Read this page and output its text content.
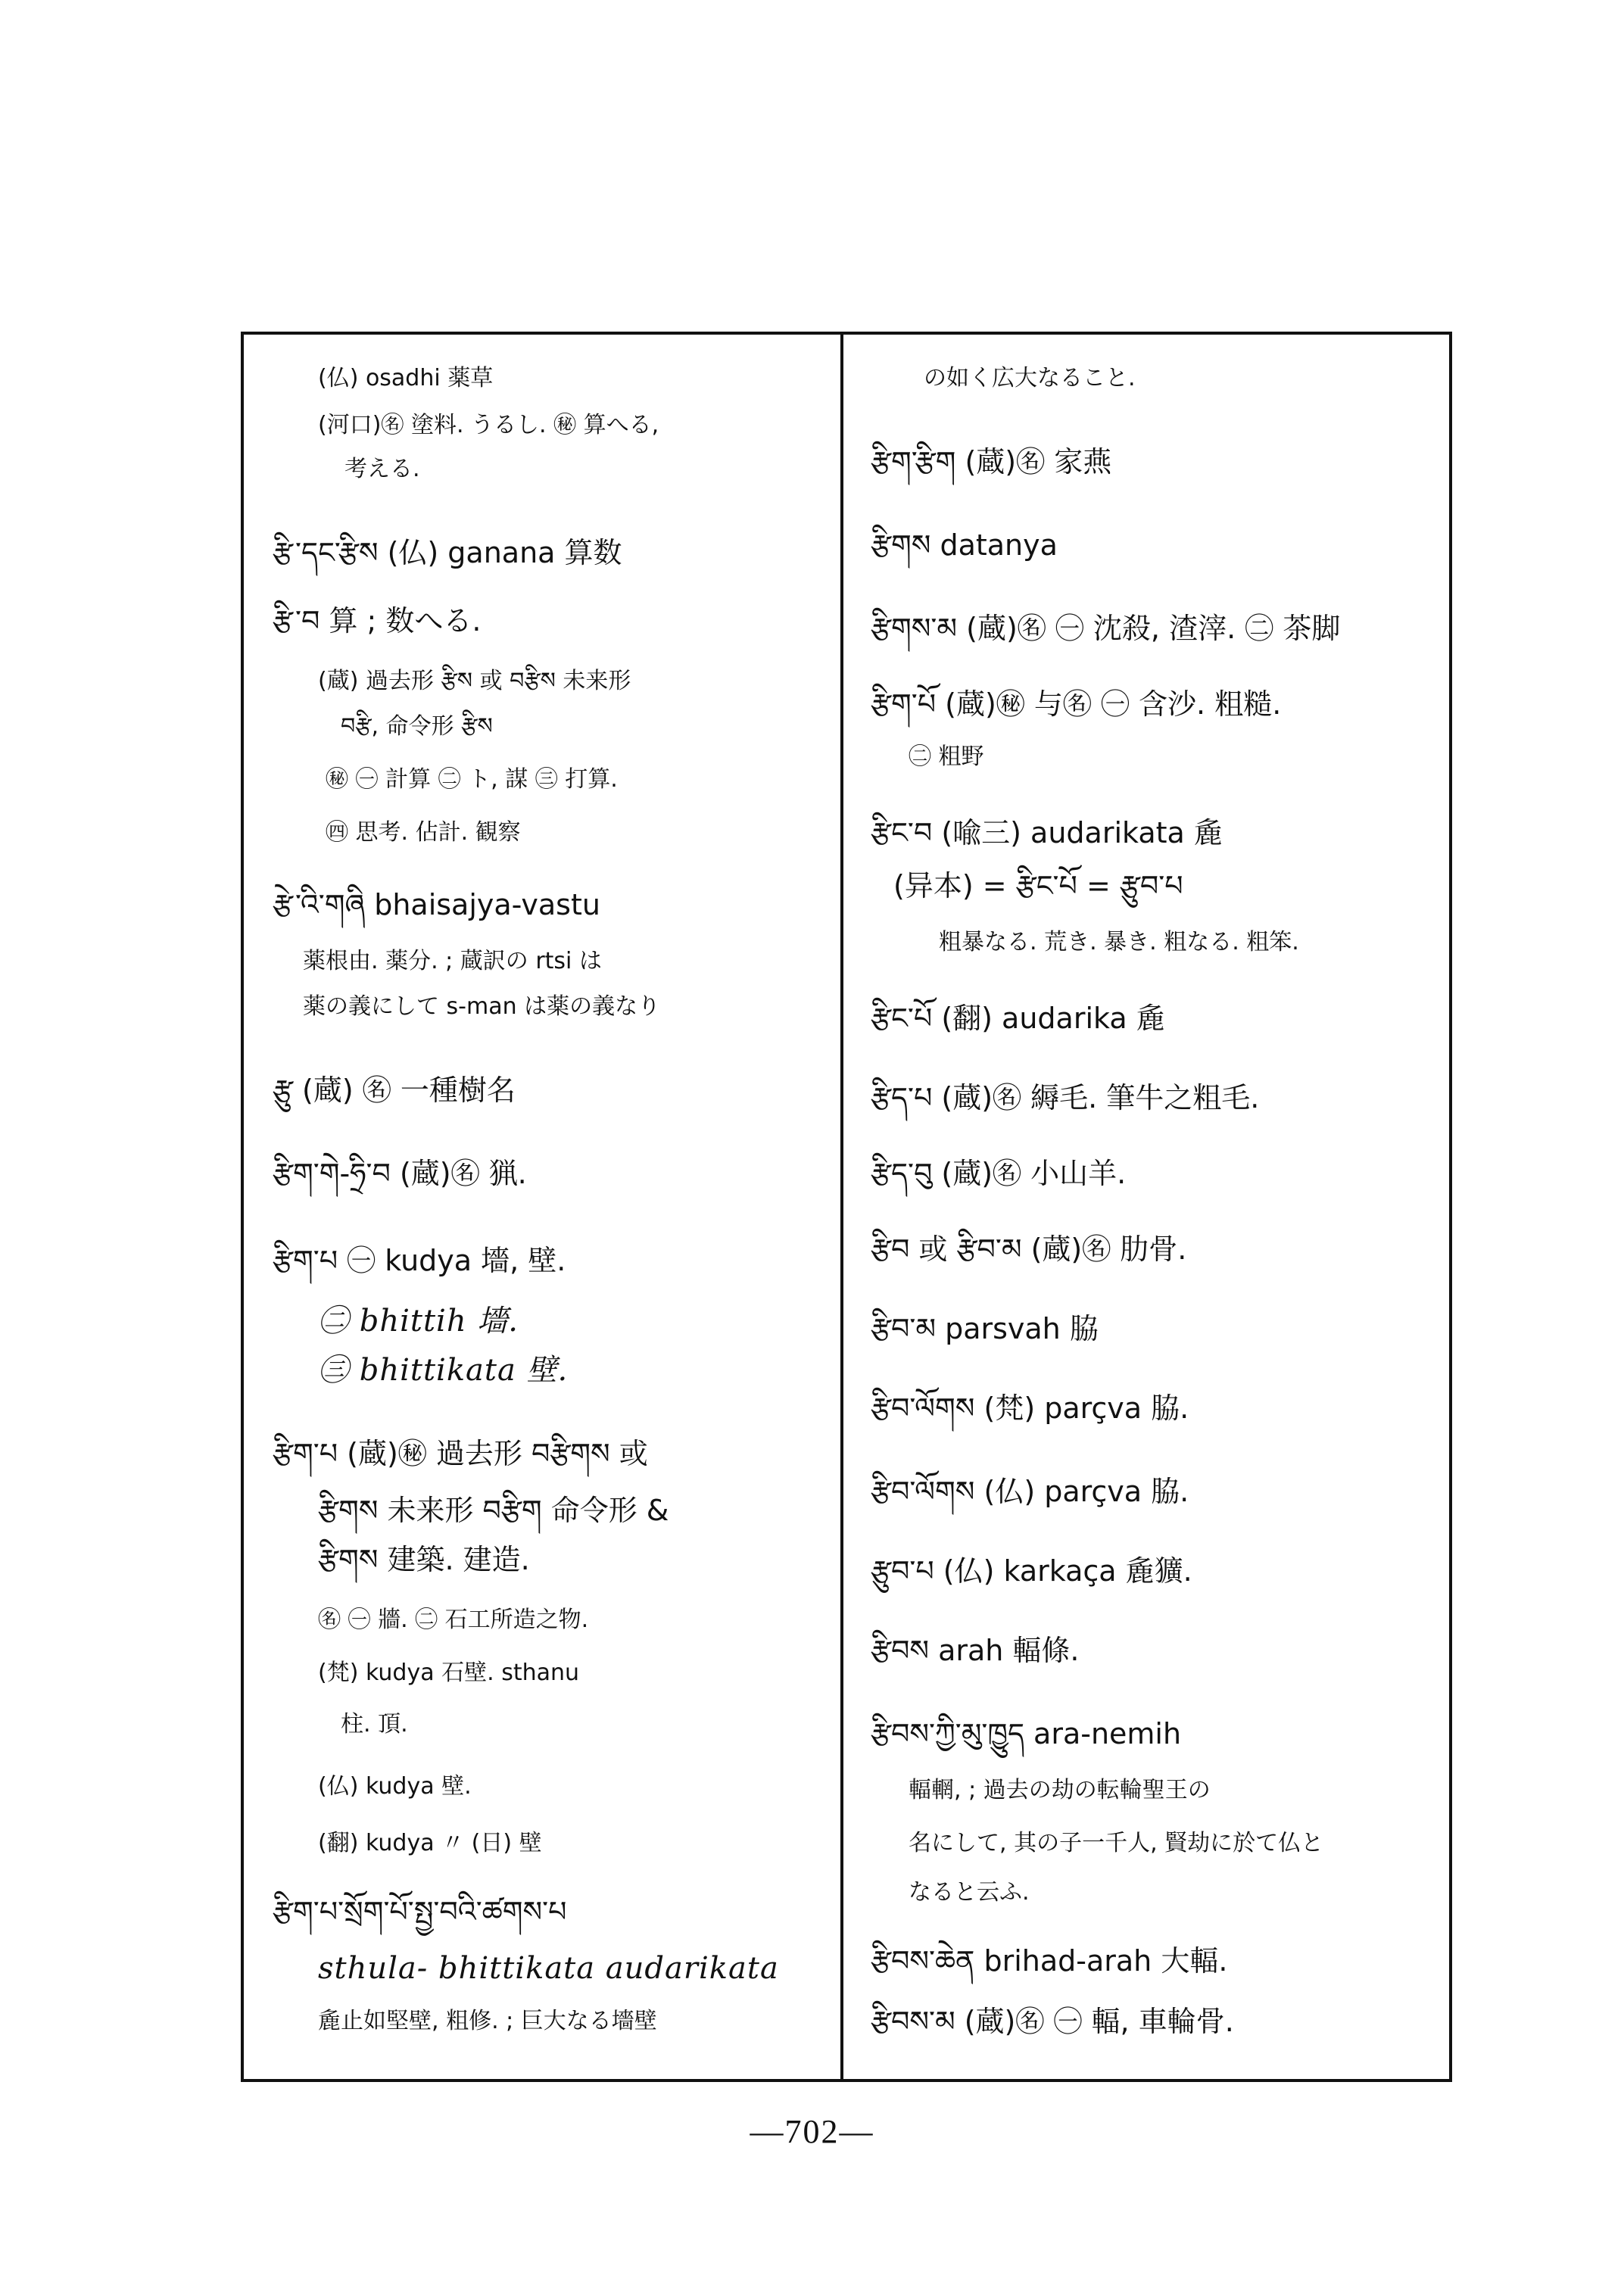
(仏) osadhi 薬草
(河口)㊔ 塗料. うるし. ㊙ 算へる,
考える.
རྩི་དང་རྩིས (仏) ganana 算数
རྩི་བ 算 ; 数へる.
(蔵) 過去形 རྩིས 或 བརྩིས 未来形
བརྩི, 命令形 རྩིས
㊙ ㊀ 計算 ㊁ ト, 謀 ㊂ 打算.
㊃ 思考. 佔計. 観察
རྩེ་འི་གཞི bhaisajya-vastu
薬根由. 薬分. ; 蔵訳の rtsi は
薬の義にして s-man は薬の義なり
རྩུ (蔵) ㊔ 一種樹名
རྩིག་གེ-ཧྲི་བ (蔵)㊔ 猟.
རྩིག་པ ㊀ kudya 墻, 壁.
㊁ bhittih 墻.
㊂ bhittikata 壁.
རྩིག་པ (蔵)㊙ 過去形 བརྩིགས 或
རྩིགས 未来形 བརྩིག 命令形 &
རྩིགས 建築. 建造.
㊔ ㊀ 牆. ㊁ 石工所造之物.
(梵) kudya 石壁. sthanu
柱. 頂.
(仏) kudya 壁.
(翻) kudya 〃 (日) 壁
རྩིག་པ་སྲོག་པོ་སྤྱ་བའི་ཚགས་པ
sthula- bhittikata audarikata
麁止如堅壁, 粗修. ; 巨大なる墻壁
の如く広大なること.
རྩིག་རྩིག (蔵)㊔ 家燕
རྩིགས datanya
རྩིགས་མ (蔵)㊔ ㊀ 沈殺, 渣滓. ㊁ 茶脚
རྩིག་པོ (蔵)㊙ 与㊔ ㊀ 含沙. 粗糙.
㊁ 粗野
རྩིང་བ (喩三) audarikata 麁
(异本) = རྩིང་པོ = རྩུབ་པ
粗暴なる. 荒き. 暴き. 粗なる. 粗笨.
རྩིང་པོ (翻) audarika 麁
རྩིད་པ (蔵)㊔ 縟毛. 筆牛之粗毛.
རྩིད་བུ (蔵)㊔ 小山羊.
རྩིབ 或 རྩིབ་མ (蔵)㊔ 肋骨.
རྩིབ་མ parsvah 脇
རྩིབ་ལོགས (梵) parçva 脇.
རྩིབ་ལོགས (仏) parçva 脇.
རྩུབ་པ (仏) karkaça 麁獷.
རྩིབས arah 輻條.
རྩིབས་ཀྱི་མུ་ཁྱུད ara-nemih
輻輞, ; 過去の劫の転輪聖王の
名にして, 其の子一千人, 賢劫に於て仏と
なると云ふ.
རྩིབས་ཆེན brihad-arah 大輻.
རྩིབས་མ (蔵)㊔ ㊀ 輻, 車輪骨.
—702—
